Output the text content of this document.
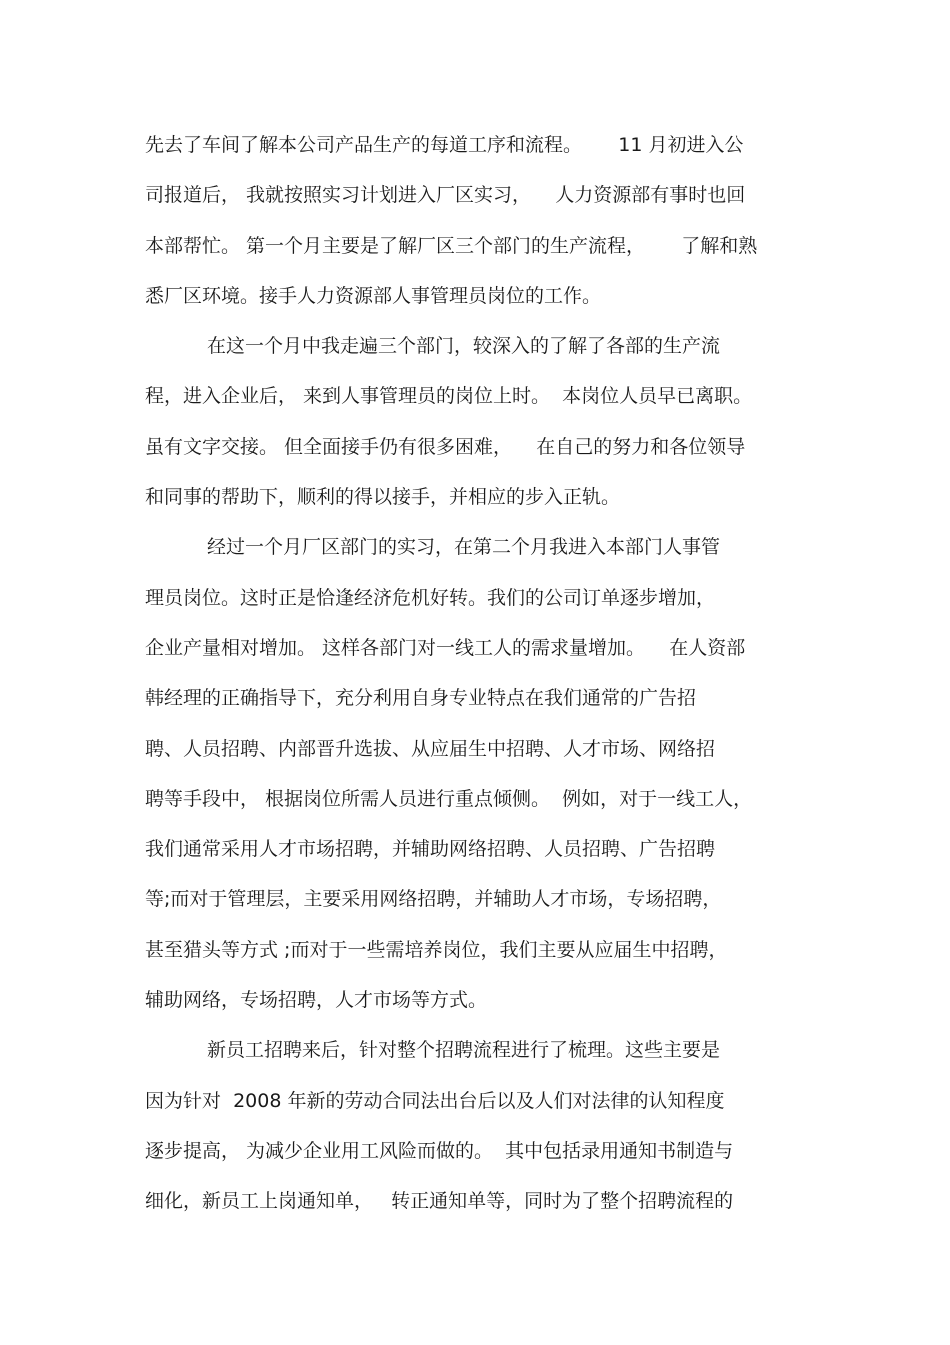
先去了车间了解本公司产品生产的每道工序和流程。      11 月初进入公
司报道后， 我就按照实习计划进入厂区实习，    人力资源部有事时也回
本部帮忙。 第一个月主要是了解厂区三个部门的生产流程，      了解和熟
悉厂区环境。接手人力资源部人事管理员岗位的工作。
在这一个月中我走遍三个部门，较深入的了解了各部的生产流
程，进入企业后， 来到人事管理员的岗位上时。  本岗位人员早已离职。
虽有文字交接。 但全面接手仍有很多困难，    在自己的努力和各位领导
和同事的帮助下，顺利的得以接手，并相应的步入正轨。
经过一个月厂区部门的实习，在第二个月我进入本部门人事管
理员岗位。这时正是恰逢经济危机好转。我们的公司订单逐步增加，
企业产量相对增加。 这样各部门对一线工人的需求量增加。    在人资部
韩经理的正确指导下，充分利用自身专业特点在我们通常的广告招
聘、人员招聘、内部晋升选拔、从应届生中招聘、人才市场、网络招
聘等手段中， 根据岗位所需人员进行重点倾侧。  例如，对于一线工人，
我们通常采用人才市场招聘，并辅助网络招聘、人员招聘、广告招聘
等;而对于管理层，主要采用网络招聘，并辅助人才市场，专场招聘，
甚至猎头等方式 ;而对于一些需培养岗位，我们主要从应届生中招聘，
辅助网络，专场招聘，人才市场等方式。
新员工招聘来后，针对整个招聘流程进行了梳理。这些主要是
因为针对  2008 年新的劳动合同法出台后以及人们对法律的认知程度
逐步提高， 为减少企业用工风险而做的。  其中包括录用通知书制造与
细化，新员工上岗通知单，   转正通知单等，同时为了整个招聘流程的
